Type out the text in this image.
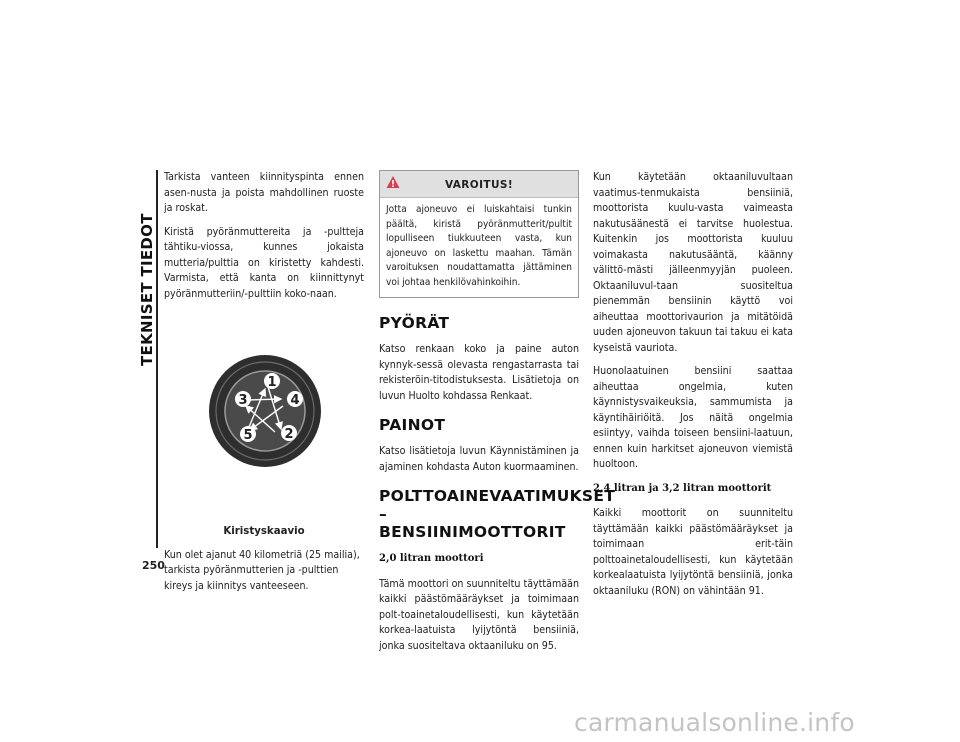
TEKNISET TIEDOT
250

Tarkista vanteen kiinnityspinta ennen asen-nusta ja poista mahdollinen ruoste ja roskat.

Kiristä pyöränmuttereita ja -pultteja tähtiku-viossa, kunnes jokaista mutteria/pulttia on kiristetty kahdesti. Varmista, että kanta on kiinnittynyt pyöränmutteriin/-pulttiin koko-naan.

1
2
3	4
5
Kiristyskaavio

Kun olet ajanut 40 kilometriä (25 mailia), tarkista pyöränmutterien ja -pulttien kireys ja kiinnitys vanteeseen.

VAROITUS!
Jotta ajoneuvo ei luiskahtaisi tunkin päältä, kiristä pyöränmutterit/pultit lopulliseen tiukkuuteen vasta, kun ajoneuvo on laskettu maahan. Tämän varoituksen noudattamatta jättäminen voi johtaa henkilövahinkoihin.
PYÖRÄT

Katso renkaan koko ja paine auton kynnyk-sessä olevasta rengastarrasta tai rekisteröin-titodistuksesta. Lisätietoja on luvun Huolto kohdassa Renkaat.

PAINOT

Katso lisätietoja luvun Käynnistäminen ja ajaminen kohdasta Auton kuormaaminen.

POLTTOAINEVAATIMUKSET – BENSIINIMOOTTORIT
2,0 litran moottori

Tämä moottori on suunniteltu täyttämään kaikki päästömääräykset ja toimimaan polt-toainetaloudellisesti, kun käytetään korkea-laatuista lyijytöntä bensiiniä, jonka suositeltava oktaaniluku on 95.

Kun käytetään oktaaniluvultaan vaatimus-tenmukaista bensiiniä, moottorista kuulu-vasta vaimeasta nakutusäänestä ei tarvitse huolestua. Kuitenkin jos moottorista kuuluu voimakasta nakutusääntä, käänny välittö-mästi jälleenmyyjän puoleen. Oktaaniluvul-taan suositeltua pienemmän bensiinin käyttö voi aiheuttaa moottorivaurion ja mitätöidä uuden ajoneuvon takuun tai takuu ei kata kyseistä vauriota.

Huonolaatuinen bensiini saattaa aiheuttaa ongelmia, kuten käynnistysvaikeuksia, sammumista ja käyntihäiriöitä. Jos näitä ongelmia esiintyy, vaihda toiseen bensiini-laatuun, ennen kuin harkitset ajoneuvon viemistä huoltoon.

2,4 litran ja 3,2 litran moottorit

Kaikki moottorit on suunniteltu täyttämään kaikki päästömääräykset ja toimimaan erit-täin polttoainetaloudellisesti, kun käytetään korkealaatuista lyijytöntä bensiiniä, jonka oktaaniluku (RON) on vähintään 91.

carmanualsonline.info
